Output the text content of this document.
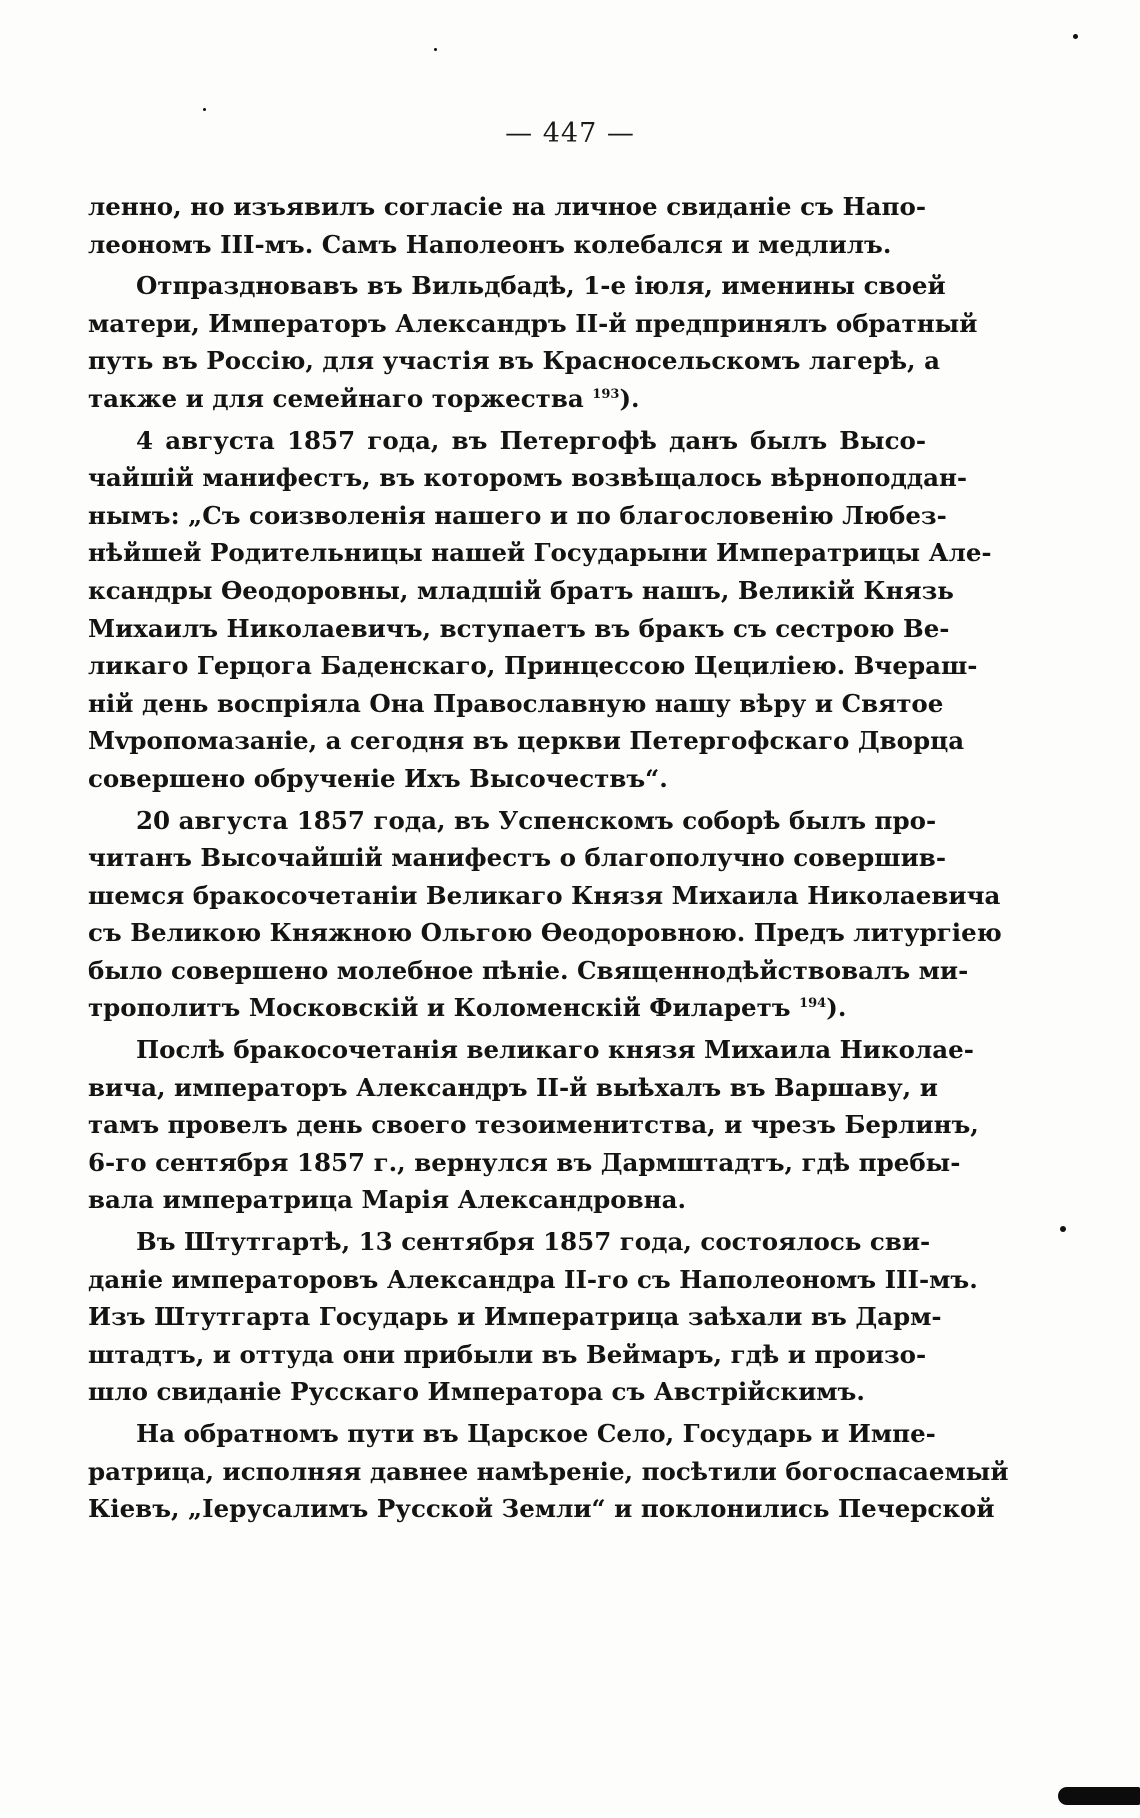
— 447 —
ленно, но изъявилъ согласіе на личное свиданіе съ Напо-
леономъ III-мъ. Самъ Наполеонъ колебался и медлилъ.
Отпраздновавъ въ Вильдбадѣ, 1-е іюля, именины своей
матери, Императоръ Александръ II-й предпринялъ обратный
путь въ Россію, для участія въ Красносельскомъ лагерѣ, а
также и для семейнаго торжества $^{193}$).
4 августа 1857 года, въ Петергофѣ данъ былъ Высо-
чайшій манифестъ, въ которомъ возвѣщалось вѣрноподдан-
нымъ: „Съ соизволенія нашего и по благословенію Любез-
нѣйшей Родительницы нашей Государыни Императрицы Але-
ксандры Өеодоровны, младшій братъ нашъ, Великій Князь
Михаилъ Николаевичъ, вступаетъ въ бракъ съ сестрою Ве-
ликаго Герцога Баденскаго, Принцессою Цециліею. Вчераш-
ній день воспріяла Она Православную нашу вѣру и Святое
Мvропомазаніе, а сегодня въ церкви Петергофскаго Дворца
совершено обрученіе Ихъ Высочествъ“.
20 августа 1857 года, въ Успенскомъ соборѣ былъ про-
читанъ Высочайшій манифестъ о благополучно совершив-
шемся бракосочетаніи Великаго Князя Михаила Николаевича
съ Великою Княжною Ольгою Өеодоровною. Предъ литургіею
было совершено молебное пѣніе. Священнодѣйствовалъ ми-
трополитъ Московскій и Коломенскій Филаретъ $^{194}$).
Послѣ бракосочетанія великаго князя Михаила Николае-
вича, императоръ Александръ II-й выѣхалъ въ Варшаву, и
тамъ провелъ день своего тезоименитства, и чрезъ Берлинъ,
6-го сентября 1857 г., вернулся въ Дармштадтъ, гдѣ пребы-
вала императрица Марія Александровна.
Въ Штутгартѣ, 13 сентября 1857 года, состоялось сви-
даніе императоровъ Александра II-го съ Наполеономъ III-мъ.
Изъ Штутгарта Государь и Императрица заѣхали въ Дарм-
штадтъ, и оттуда они прибыли въ Веймаръ, гдѣ и произо-
шло свиданіе Русскаго Императора съ Австрійскимъ.
На обратномъ пути въ Царское Село, Государь и Импе-
ратрица, исполняя давнее намѣреніе, посѣтили богоспасаемый
Кіевъ, „Іерусалимъ Русской Земли“ и поклонились Печерской
